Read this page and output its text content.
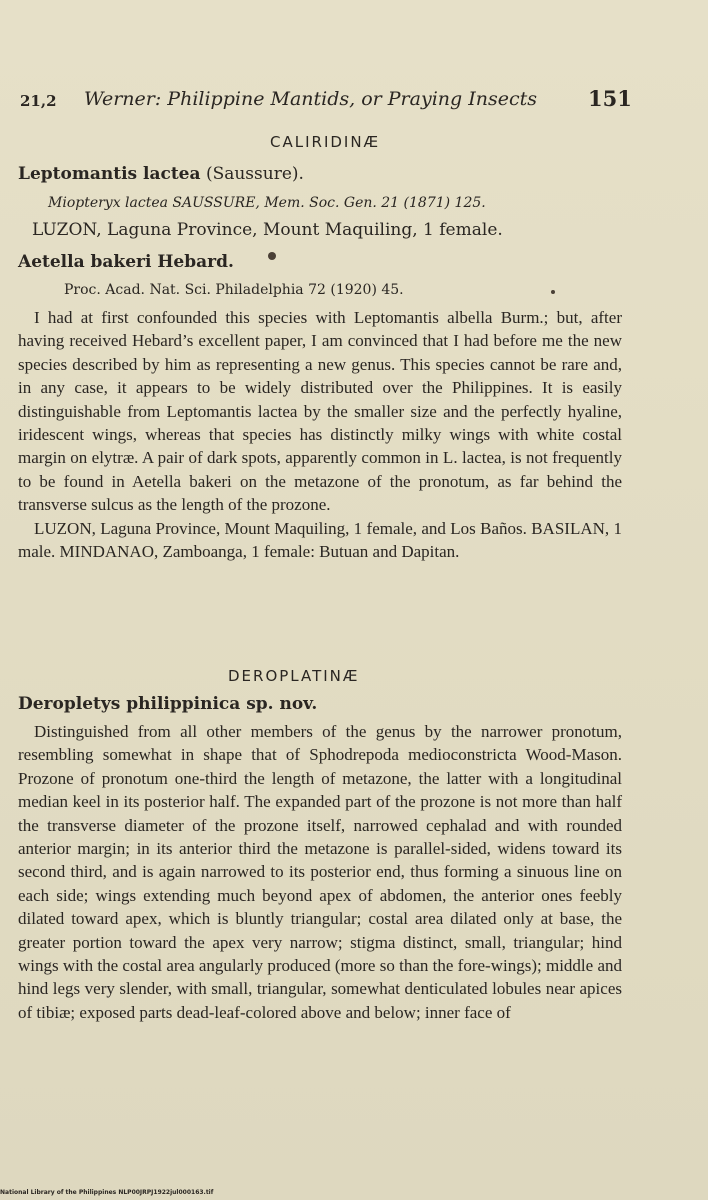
21,2 Werner: Philippine Mantids, or Praying Insects 151
CALIRIDINÆ
Leptomantis lactea (Saussure).
Miopteryx lactea SAUSSURE, Mem. Soc. Gen. 21 (1871) 125.
LUZON, Laguna Province, Mount Maquiling, 1 female.
Aetella bakeri Hebard.
Proc. Acad. Nat. Sci. Philadelphia 72 (1920) 45.

I had at first confounded this species with Leptomantis albella Burm.; but, after having received Hebard’s excellent paper, I am convinced that I had before me the new species described by him as representing a new genus. This species cannot be rare and, in any case, it appears to be widely distributed over the Philippines. It is easily distinguishable from Leptomantis lactea by the smaller size and the perfectly hyaline, iridescent wings, whereas that species has distinctly milky wings with white costal margin on elytræ. A pair of dark spots, apparently common in L. lactea, is not frequently to be found in Aetella bakeri on the metazone of the pronotum, as far behind the transverse sulcus as the length of the prozone.

LUZON, Laguna Province, Mount Maquiling, 1 female, and Los Baños. BASILAN, 1 male. MINDANAO, Zamboanga, 1 female: Butuan and Dapitan.

DEROPLATINÆ
Deropletys philippinica sp. nov.

Distinguished from all other members of the genus by the narrower pronotum, resembling somewhat in shape that of Sphodrepoda medioconstricta Wood-Mason. Prozone of pronotum one-third the length of metazone, the latter with a longitudinal median keel in its posterior half. The expanded part of the prozone is not more than half the transverse diameter of the prozone itself, narrowed cephalad and with rounded anterior margin; in its anterior third the metazone is parallel-sided, widens toward its second third, and is again narrowed to its posterior end, thus forming a sinuous line on each side; wings extending much beyond apex of abdomen, the anterior ones feebly dilated toward apex, which is bluntly triangular; costal area dilated only at base, the greater portion toward the apex very narrow; stigma distinct, small, triangular; hind wings with the costal area angularly produced (more so than the fore-wings); middle and hind legs very slender, with small, triangular, somewhat denticulated lobules near apices of tibiæ; exposed parts dead-leaf-colored above and below; inner face of

National Library of the Philippines NLP00JRPJ1922jul000163.tif
